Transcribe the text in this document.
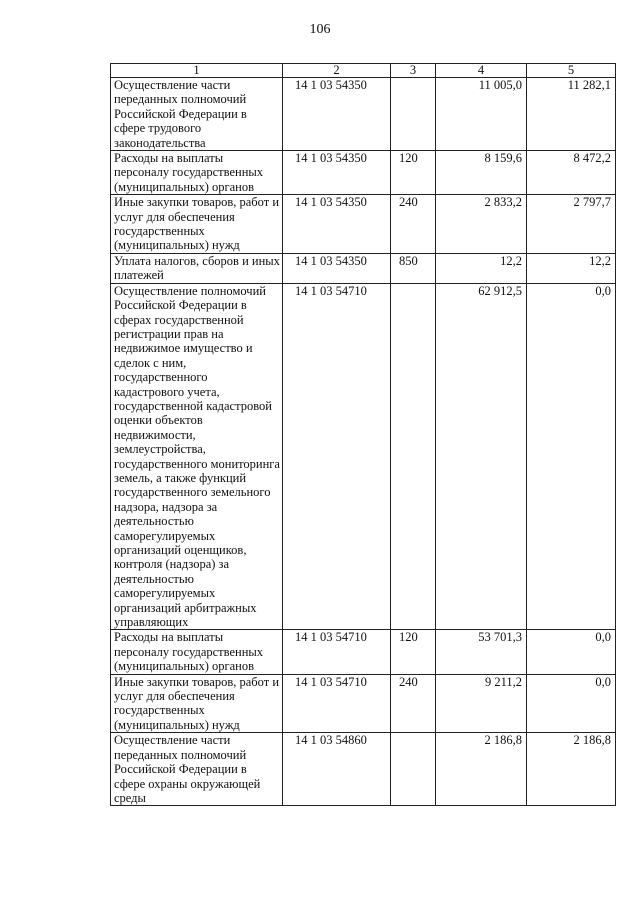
106
1	2	3	4	5
Осуществление части переданных полномочий Российской Федерации в сфере трудового законодательства	14 1 03 54350		11 005,0	11 282,1
Расходы на выплаты персоналу государственных (муниципальных) органов	14 1 03 54350	120	8 159,6	8 472,2
Иные закупки товаров, работ и услуг для обеспечения государственных (муниципальных) нужд	14 1 03 54350	240	2 833,2	2 797,7
Уплата налогов, сборов и иных платежей	14 1 03 54350	850	12,2	12,2
Осуществление полномочий Российской Федерации в сферах государственной регистрации прав на недвижимое имущество и сделок с ним, государственного кадастрового учета, государственной кадастровой оценки объектов недвижимости, землеустройства, государственного мониторинга земель, а также функций государственного земельного надзора, надзора за деятельностью саморегулируемых организаций оценщиков, контроля (надзора) за деятельностью саморегулируемых организаций арбитражных управляющих	14 1 03 54710		62 912,5	0,0
Расходы на выплаты персоналу государственных (муниципальных) органов	14 1 03 54710	120	53 701,3	0,0
Иные закупки товаров, работ и услуг для обеспечения государственных (муниципальных) нужд	14 1 03 54710	240	9 211,2	0,0
Осуществление части переданных полномочий Российской Федерации в сфере охраны окружающей среды	14 1 03 54860		2 186,8	2 186,8
